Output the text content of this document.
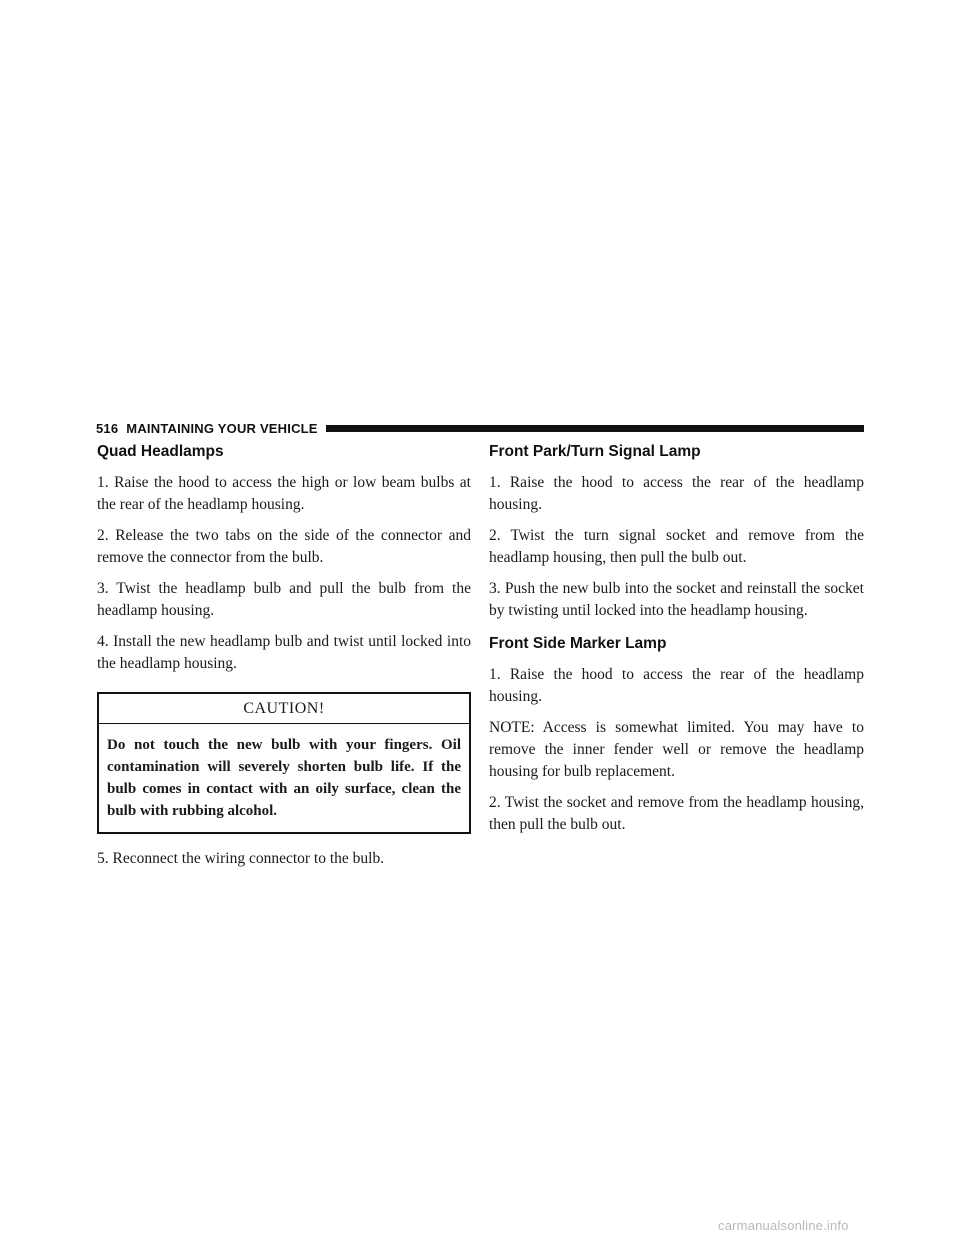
516 MAINTAINING YOUR VEHICLE
Quad Headlamps

1. Raise the hood to access the high or low beam bulbs at the rear of the headlamp housing.

2. Release the two tabs on the side of the connector and remove the connector from the bulb.

3. Twist the headlamp bulb and pull the bulb from the headlamp housing.

4. Install the new headlamp bulb and twist until locked into the headlamp housing.

CAUTION!
Do not touch the new bulb with your fingers. Oil contamination will severely shorten bulb life. If the bulb comes in contact with an oily surface, clean the bulb with rubbing alcohol.

5. Reconnect the wiring connector to the bulb.

Front Park/Turn Signal Lamp

1. Raise the hood to access the rear of the headlamp housing.

2. Twist the turn signal socket and remove from the headlamp housing, then pull the bulb out.

3. Push the new bulb into the socket and reinstall the socket by twisting until locked into the headlamp housing.

Front Side Marker Lamp

1. Raise the hood to access the rear of the headlamp housing.

NOTE: Access is somewhat limited. You may have to remove the inner fender well or remove the headlamp housing for bulb replacement.

2. Twist the socket and remove from the headlamp housing, then pull the bulb out.

carmanualsonline.info
